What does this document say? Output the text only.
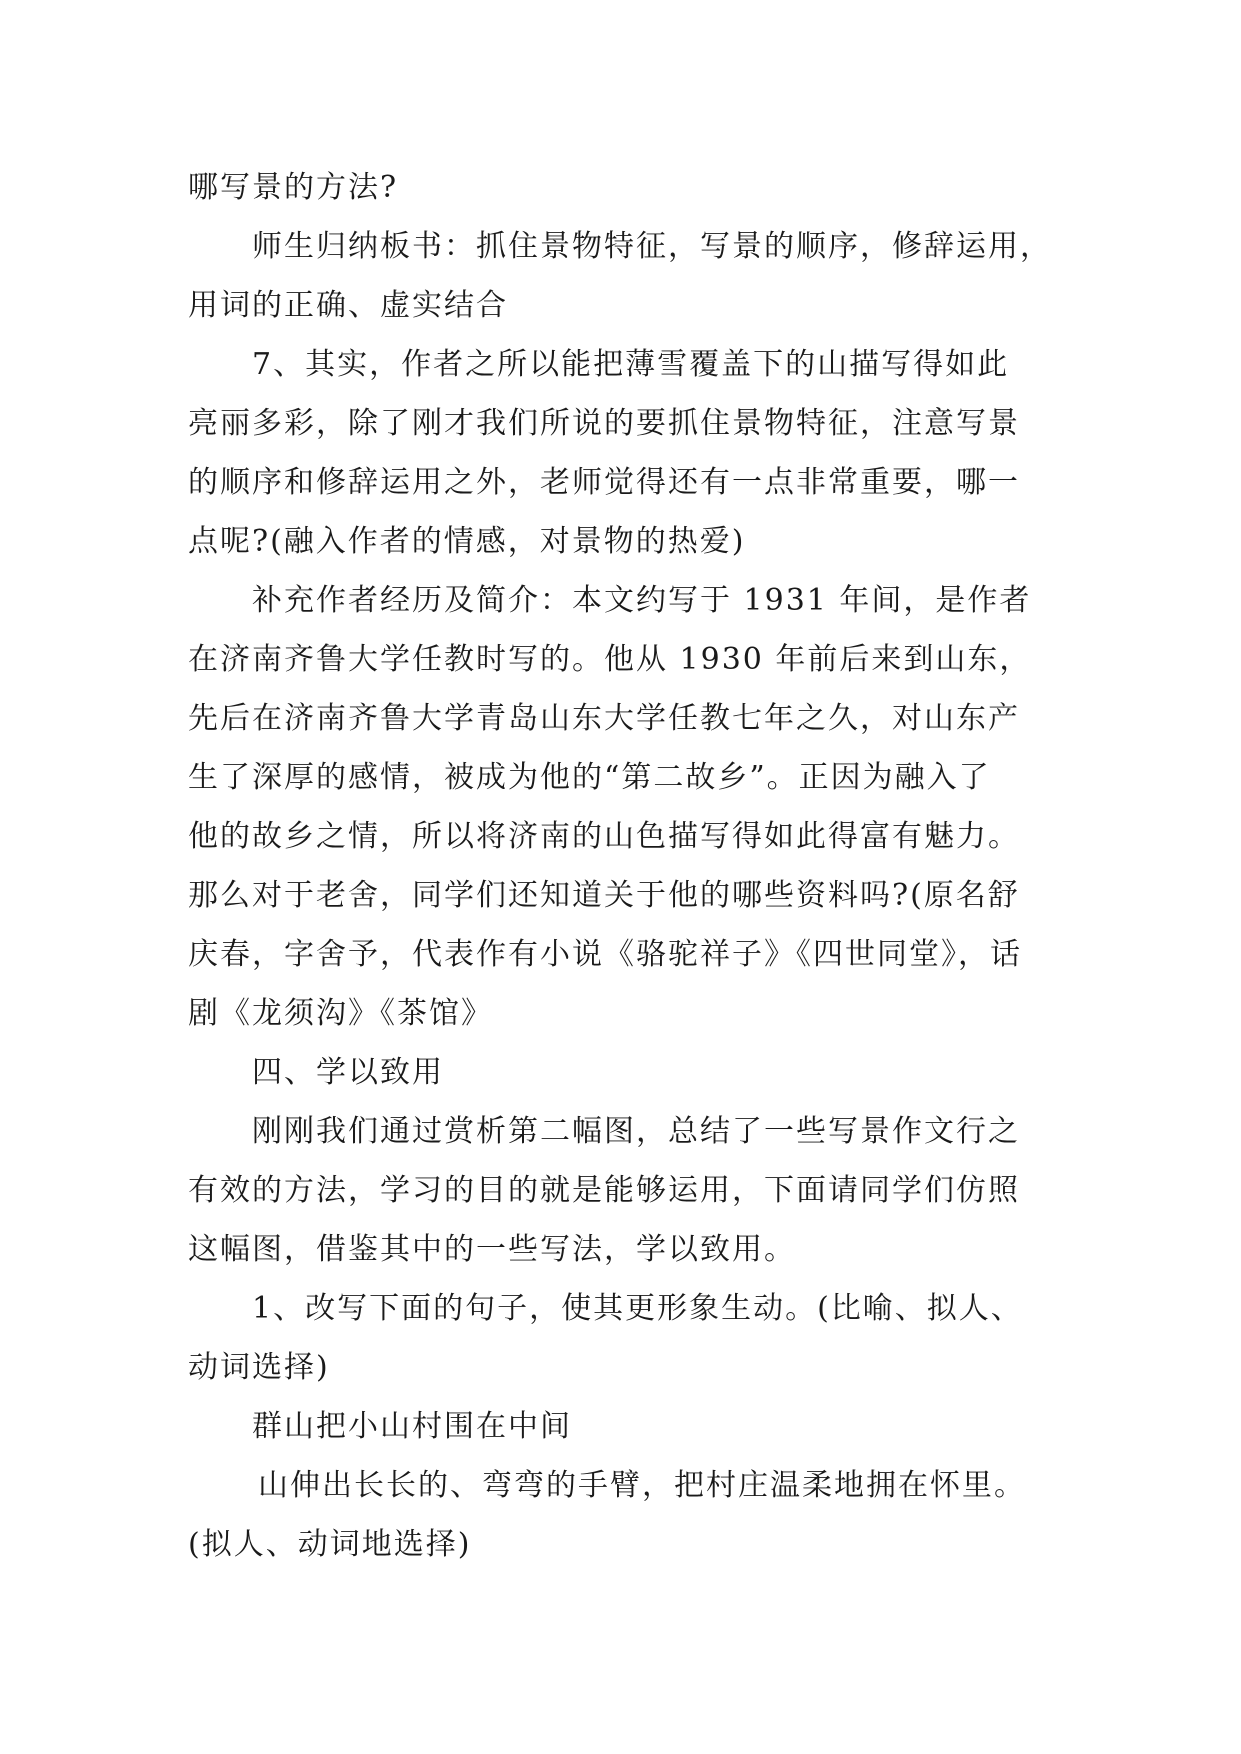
哪写景的方法?
师生归纳板书：抓住景物特征，写景的顺序，修辞运用，
用词的正确、虚实结合
7、其实，作者之所以能把薄雪覆盖下的山描写得如此
亮丽多彩，除了刚才我们所说的要抓住景物特征，注意写景
的顺序和修辞运用之外，老师觉得还有一点非常重要，哪一
点呢?(融入作者的情感，对景物的热爱)
补充作者经历及简介：本文约写于 1931 年间，是作者
在济南齐鲁大学任教时写的。他从 1930 年前后来到山东，
先后在济南齐鲁大学青岛山东大学任教七年之久，对山东产
生了深厚的感情，被成为他的“第二故乡”。正因为融入了
他的故乡之情，所以将济南的山色描写得如此得富有魅力。
那么对于老舍，同学们还知道关于他的哪些资料吗?(原名舒
庆春，字舍予，代表作有小说《骆驼祥子》《四世同堂》，话
剧《龙须沟》《茶馆》
四、学以致用
刚刚我们通过赏析第二幅图，总结了一些写景作文行之
有效的方法，学习的目的就是能够运用，下面请同学们仿照
这幅图，借鉴其中的一些写法，学以致用。
1、改写下面的句子，使其更形象生动。(比喻、拟人、
动词选择)
群山把小山村围在中间
山伸出长长的、弯弯的手臂，把村庄温柔地拥在怀里。
(拟人、动词地选择)
